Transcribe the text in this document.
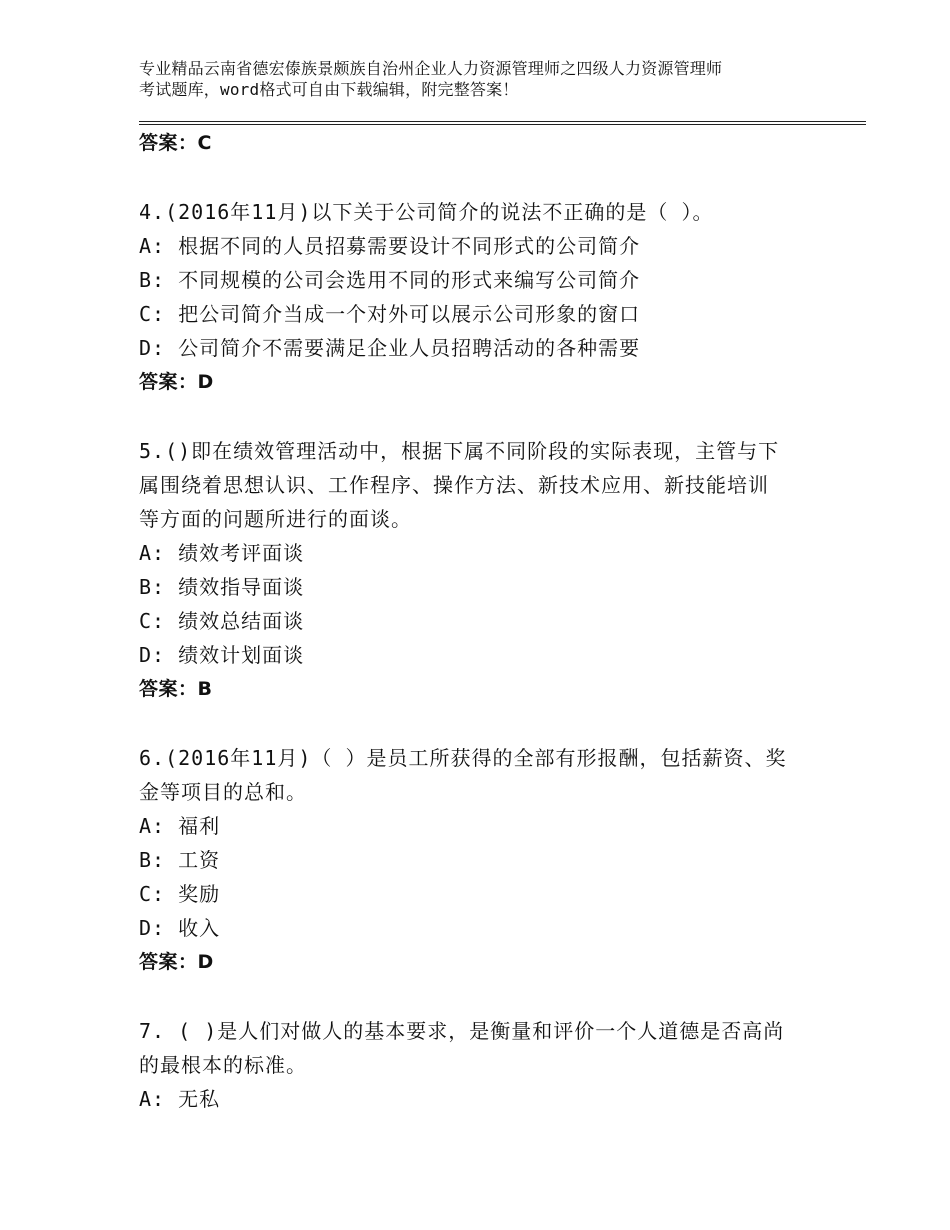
专业精品云南省德宏傣族景颇族自治州企业人力资源管理师之四级人力资源管理师
考试题库，word格式可自由下载编辑，附完整答案！
答案：C
4.(2016年11月)以下关于公司简介的说法不正确的是（ ）。
A: 根据不同的人员招募需要设计不同形式的公司简介
B: 不同规模的公司会选用不同的形式来编写公司简介
C: 把公司简介当成一个对外可以展示公司形象的窗口
D: 公司简介不需要满足企业人员招聘活动的各种需要
答案：D
5.()即在绩效管理活动中，根据下属不同阶段的实际表现，主管与下
属围绕着思想认识、工作程序、操作方法、新技术应用、新技能培训
等方面的问题所进行的面谈。
A: 绩效考评面谈
B: 绩效指导面谈
C: 绩效总结面谈
D: 绩效计划面谈
答案：B
6.(2016年11月)（ ）是员工所获得的全部有形报酬，包括薪资、奖
金等项目的总和。
A: 福利
B: 工资
C: 奖励
D: 收入
答案：D
7. ( )是人们对做人的基本要求，是衡量和评价一个人道德是否高尚
的最根本的标准。
A: 无私
